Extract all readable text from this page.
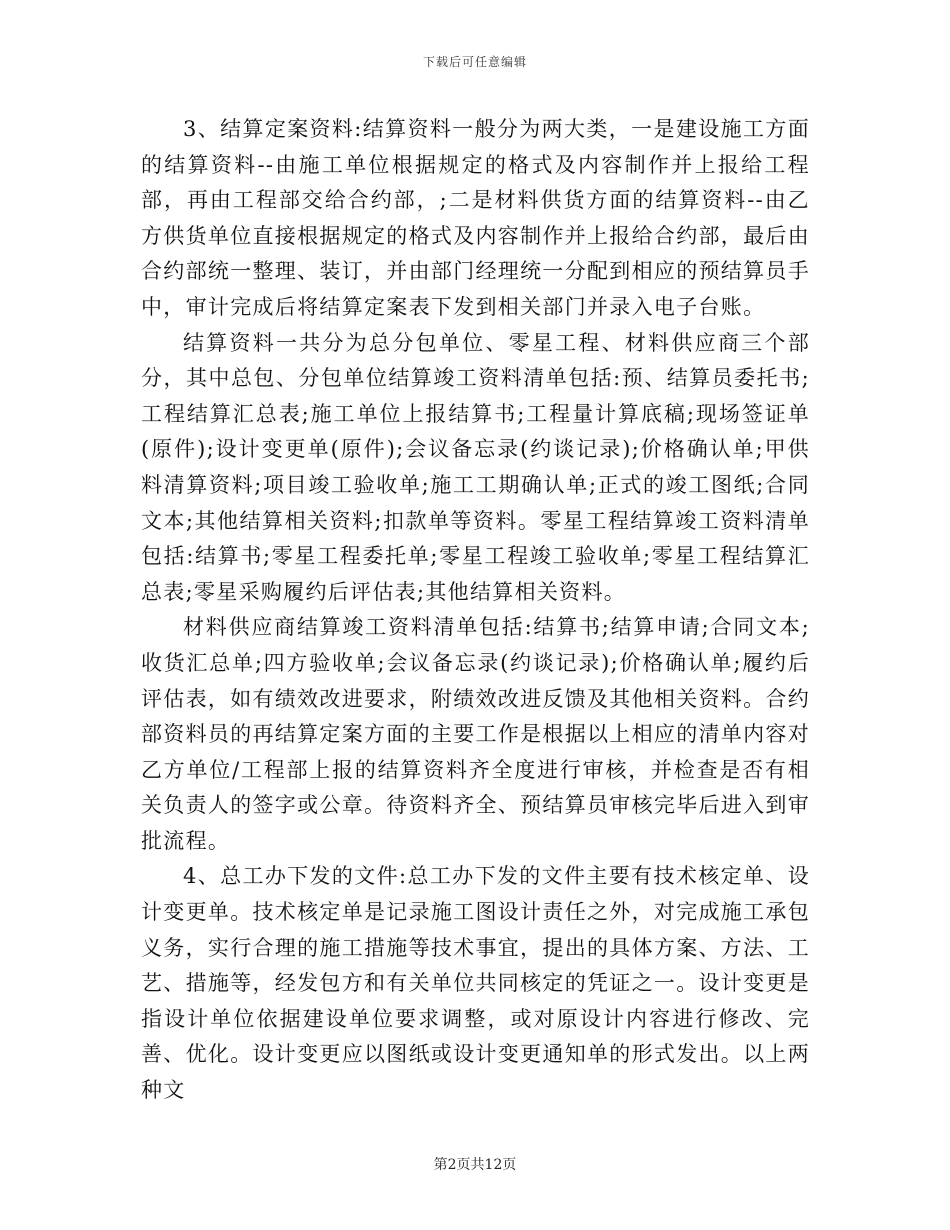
下载后可任意编辑

3、结算定案资料:结算资料一般分为两大类，一是建设施工方面的结算资料--由施工单位根据规定的格式及内容制作并上报给工程部，再由工程部交给合约部，;二是材料供货方面的结算资料--由乙方供货单位直接根据规定的格式及内容制作并上报给合约部，最后由合约部统一整理、装订，并由部门经理统一分配到相应的预结算员手中，审计完成后将结算定案表下发到相关部门并录入电子台账。

结算资料一共分为总分包单位、零星工程、材料供应商三个部分，其中总包、分包单位结算竣工资料清单包括:预、结算员委托书;工程结算汇总表;施工单位上报结算书;工程量计算底稿;现场签证单(原件);设计变更单(原件);会议备忘录(约谈记录);价格确认单;甲供料清算资料;项目竣工验收单;施工工期确认单;正式的竣工图纸;合同文本;其他结算相关资料;扣款单等资料。零星工程结算竣工资料清单包括:结算书;零星工程委托单;零星工程竣工验收单;零星工程结算汇总表;零星采购履约后评估表;其他结算相关资料。

材料供应商结算竣工资料清单包括:结算书;结算申请;合同文本;收货汇总单;四方验收单;会议备忘录(约谈记录);价格确认单;履约后评估表，如有绩效改进要求，附绩效改进反馈及其他相关资料。合约部资料员的再结算定案方面的主要工作是根据以上相应的清单内容对乙方单位/工程部上报的结算资料齐全度进行审核，并检查是否有相关负责人的签字或公章。待资料齐全、预结算员审核完毕后进入到审批流程。

4、总工办下发的文件:总工办下发的文件主要有技术核定单、设计变更单。技术核定单是记录施工图设计责任之外，对完成施工承包义务，实行合理的施工措施等技术事宜，提出的具体方案、方法、工艺、措施等，经发包方和有关单位共同核定的凭证之一。设计变更是指设计单位依据建设单位要求调整，或对原设计内容进行修改、完善、优化。设计变更应以图纸或设计变更通知单的形式发出。以上两种文

第2页共12页
